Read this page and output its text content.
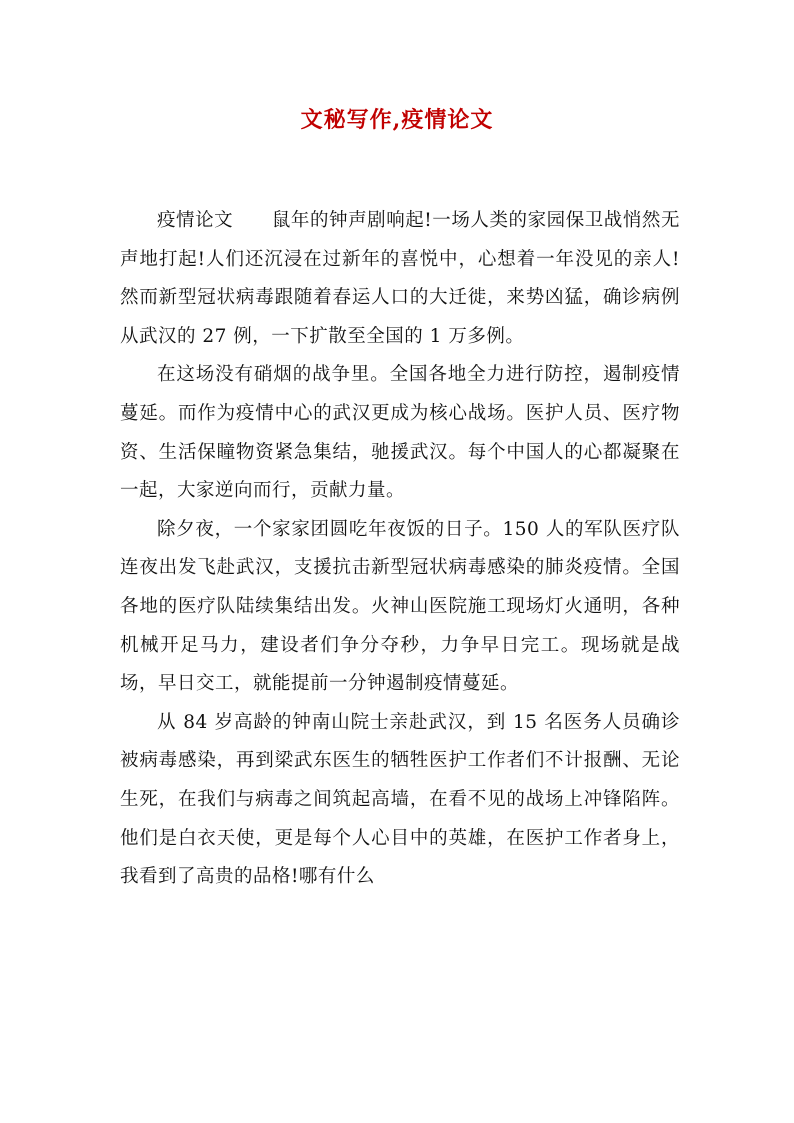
文秘写作,疫情论文

疫情论文 鼠年的钟声剧响起!一场人类的家园保卫战悄然无声地打起!人们还沉浸在过新年的喜悦中，心想着一年没见的亲人!然而新型冠状病毒跟随着春运人口的大迁徙，来势凶猛，确诊病例从武汉的 27 例，一下扩散至全国的 1 万多例。

在这场没有硝烟的战争里。全国各地全力进行防控，遏制疫情蔓延。而作为疫情中心的武汉更成为核心战场。医护人员、医疗物资、生活保瞳物资紧急集结，驰援武汉。每个中国人的心都凝聚在一起，大家逆向而行，贡献力量。

除夕夜，一个家家团圆吃年夜饭的日子。150 人的军队医疗队连夜出发飞赴武汉，支援抗击新型冠状病毒感染的肺炎疫情。全国各地的医疗队陆续集结出发。火神山医院施工现场灯火通明，各种机械开足马力，建设者们争分夺秒，力争早日完工。现场就是战场，早日交工，就能提前一分钟遏制疫情蔓延。

从 84 岁高龄的钟南山院士亲赴武汉，到 15 名医务人员确诊被病毒感染，再到梁武东医生的牺牲医护工作者们不计报酬、无论生死，在我们与病毒之间筑起高墙，在看不见的战场上冲锋陷阵。他们是白衣天使，更是每个人心目中的英雄，在医护工作者身上，我看到了高贵的品格!哪有什么
